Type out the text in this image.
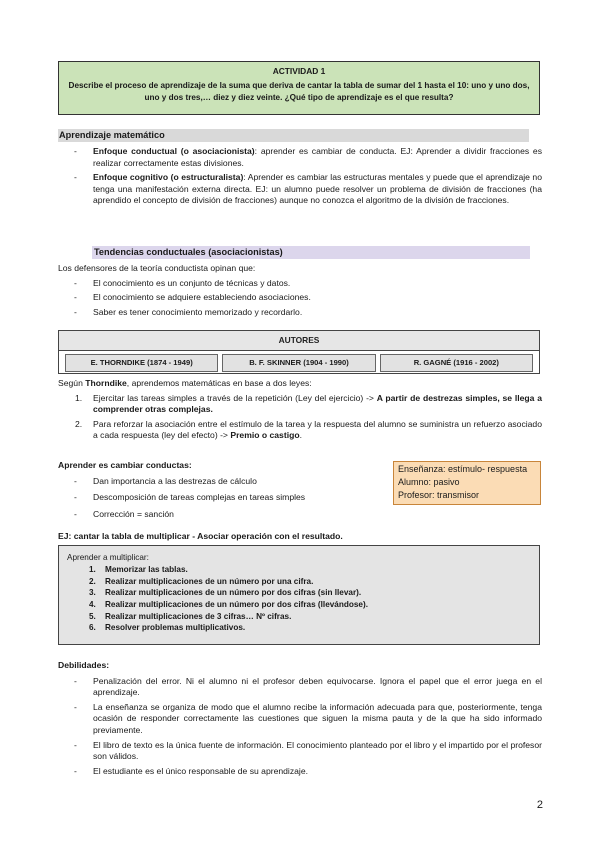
ACTIVIDAD 1
Describe el proceso de aprendizaje de la suma que deriva de cantar la tabla de sumar del 1 hasta el 10: uno y uno dos, uno y dos tres,… diez y diez veinte. ¿Qué tipo de aprendizaje es el que resulta?
Aprendizaje matemático
- Enfoque conductual (o asociacionista): aprender es cambiar de conducta. EJ: Aprender a dividir fracciones es realizar correctamente estas divisiones.
- Enfoque cognitivo (o estructuralista): Aprender es cambiar las estructuras mentales y puede que el aprendizaje no tenga una manifestación externa directa. EJ: un alumno puede resolver un problema de división de fracciones (ha aprendido el concepto de división de fracciones) aunque no conozca el algoritmo de la división de fracciones.
Tendencias conductuales (asociacionistas)
Los defensores de la teoría conductista opinan que:
- El conocimiento es un conjunto de técnicas y datos.
- El conocimiento se adquiere estableciendo asociaciones.
- Saber es tener conocimiento memorizado y recordarlo.
AUTORES
E. THORNDIKE (1874 - 1949)	B. F. SKINNER (1904 - 1990)	R. GAGNÉ (1916 - 2002)
Según Thorndike, aprendemos matemáticas en base a dos leyes:
1. Ejercitar las tareas simples a través de la repetición (Ley del ejercicio) -> A partir de destrezas simples, se llega a comprender otras complejas.
2. Para reforzar la asociación entre el estímulo de la tarea y la respuesta del alumno se suministra un refuerzo asociado a cada respuesta (ley del efecto) -> Premio o castigo.
Aprender es cambiar conductas:
- Dan importancia a las destrezas de cálculo
- Descomposición de tareas complejas en tareas simples
- Corrección = sanción
Enseñanza: estímulo- respuesta
Alumno: pasivo
Profesor: transmisor
EJ: cantar la tabla de multiplicar - Asociar operación con el resultado.
Aprender a multiplicar:
1. Memorizar las tablas.
2. Realizar multiplicaciones de un número por una cifra.
3. Realizar multiplicaciones de un número por dos cifras (sin llevar).
4. Realizar multiplicaciones de un número por dos cifras (llevándose).
5. Realizar multiplicaciones de 3 cifras… Nº cifras.
6. Resolver problemas multiplicativos.
Debilidades:
- Penalización del error. Ni el alumno ni el profesor deben equivocarse. Ignora el papel que el error juega en el aprendizaje.
- La enseñanza se organiza de modo que el alumno recibe la información adecuada para que, posteriormente, tenga ocasión de responder correctamente las cuestiones que siguen la misma pauta y de la que ha sido informado previamente.
- El libro de texto es la única fuente de información. El conocimiento planteado por el libro y el impartido por el profesor son válidos.
- El estudiante es el único responsable de su aprendizaje.
2
